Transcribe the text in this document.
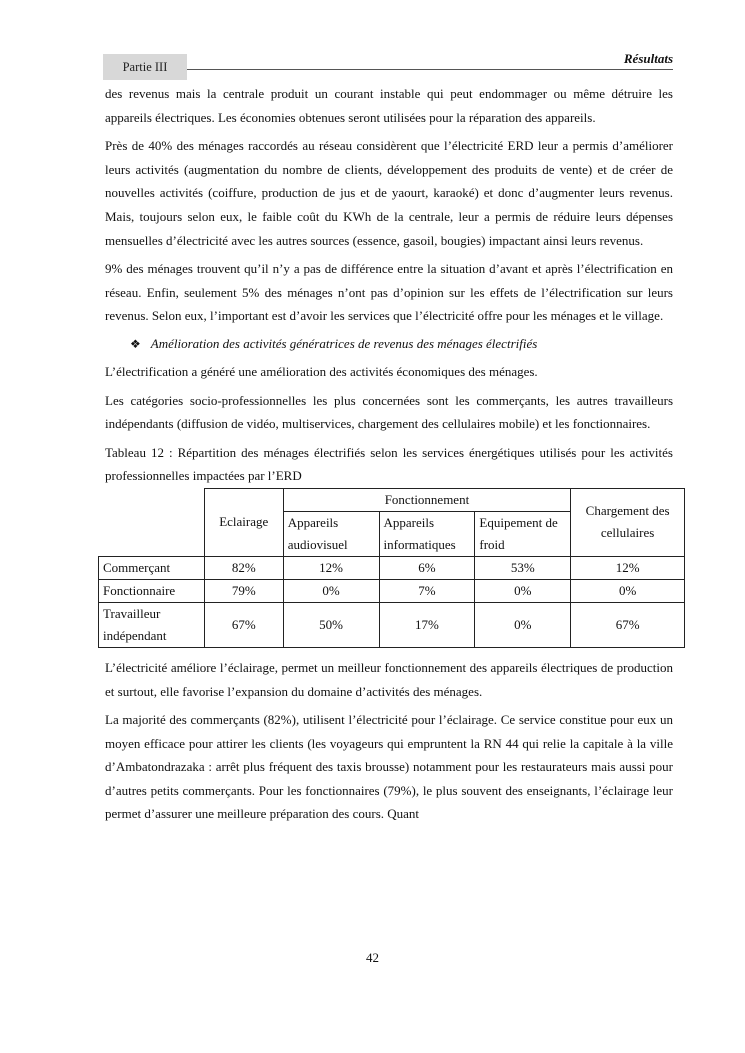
Partie III
Résultats

des revenus mais la centrale produit un courant instable qui peut endommager ou même détruire les appareils électriques. Les économies obtenues seront utilisées pour la réparation des appareils.

Près de 40% des ménages raccordés au réseau considèrent que l’électricité ERD leur a permis d’améliorer leurs activités (augmentation du nombre de clients, développement des produits de vente) et de créer de nouvelles activités (coiffure, production de jus et de yaourt, karaoké) et donc d’augmenter leurs revenus. Mais, toujours selon eux, le faible coût du KWh de la centrale, leur a permis de réduire leurs dépenses mensuelles d’électricité avec les autres sources (essence, gasoil, bougies) impactant ainsi leurs revenus.

9% des ménages trouvent qu’il n’y a pas de différence entre la situation d’avant et après l’électrification en réseau. Enfin, seulement 5% des ménages n’ont pas d’opinion sur les effets de l’électrification sur leurs revenus. Selon eux, l’important est d’avoir les services que l’électricité offre pour les ménages et le village.

❖ Amélioration des activités génératrices de revenus des ménages électrifiés

L’électrification a généré une amélioration des activités économiques des ménages.

Les catégories socio-professionnelles les plus concernées sont les commerçants, les autres travailleurs indépendants (diffusion de vidéo, multiservices, chargement des cellulaires mobile) et les fonctionnaires.

Tableau 12 : Répartition des ménages électrifiés selon les services énergétiques utilisés pour les activités professionnelles impactées par l’ERD

	Eclairage	Fonctionnement			Chargement des cellulaires
		Appareils audiovisuel	Appareils informatiques	Equipement de froid	
Commerçant	82%	12%	6%	53%	12%
Fonctionnaire	79%	0%	7%	0%	0%
Travailleur indépendant	67%	50%	17%	0%	67%

L’électricité améliore l’éclairage, permet un meilleur fonctionnement des appareils électriques de production et surtout, elle favorise l’expansion du domaine d’activités des ménages.

La majorité des commerçants (82%), utilisent l’électricité pour l’éclairage. Ce service constitue pour eux un moyen efficace pour attirer les clients (les voyageurs qui empruntent la RN 44 qui relie la capitale à la ville d’Ambatondrazaka : arrêt plus fréquent des taxis brousse) notamment pour les restaurateurs mais aussi pour d’autres petits commerçants. Pour les fonctionnaires (79%), le plus souvent des enseignants, l’éclairage leur permet d’assurer une meilleure préparation des cours. Quant

42
